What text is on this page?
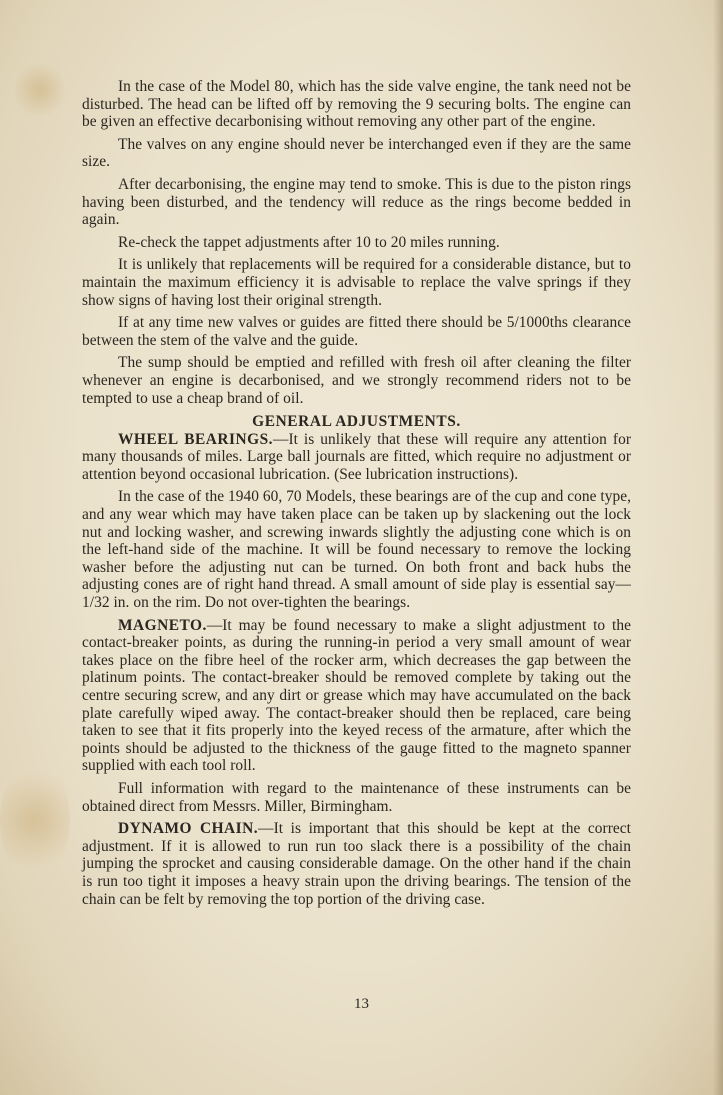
In the case of the Model 80, which has the side valve engine, the tank need not be disturbed. The head can be lifted off by removing the 9 securing bolts. The engine can be given an effective decarbonising without removing any other part of the engine.

The valves on any engine should never be interchanged even if they are the same size.

After decarbonising, the engine may tend to smoke. This is due to the piston rings having been disturbed, and the tendency will reduce as the rings become bedded in again.

Re-check the tappet adjustments after 10 to 20 miles running.

It is unlikely that replacements will be required for a considerable distance, but to maintain the maximum efficiency it is advisable to replace the valve springs if they show signs of having lost their original strength.

If at any time new valves or guides are fitted there should be 5/1000ths clearance between the stem of the valve and the guide.

The sump should be emptied and refilled with fresh oil after cleaning the filter whenever an engine is decarbonised, and we strongly recommend riders not to be tempted to use a cheap brand of oil.

GENERAL ADJUSTMENTS.

WHEEL BEARINGS.—It is unlikely that these will require any attention for many thousands of miles. Large ball journals are fitted, which require no adjustment or attention beyond occasional lubrication. (See lubrication instructions).

In the case of the 1940 60, 70 Models, these bearings are of the cup and cone type, and any wear which may have taken place can be taken up by slackening out the lock nut and locking washer, and screwing inwards slightly the adjusting cone which is on the left-hand side of the machine. It will be found necessary to remove the locking washer before the adjusting nut can be turned. On both front and back hubs the adjusting cones are of right hand thread. A small amount of side play is essential say—1/32 in. on the rim. Do not over-tighten the bearings.

MAGNETO.—It may be found necessary to make a slight adjustment to the contact-breaker points, as during the running-in period a very small amount of wear takes place on the fibre heel of the rocker arm, which decreases the gap between the platinum points. The contact-breaker should be removed complete by taking out the centre securing screw, and any dirt or grease which may have accumulated on the back plate carefully wiped away. The contact-breaker should then be replaced, care being taken to see that it fits properly into the keyed recess of the armature, after which the points should be adjusted to the thickness of the gauge fitted to the magneto spanner supplied with each tool roll.

Full information with regard to the maintenance of these instruments can be obtained direct from Messrs. Miller, Birmingham.

DYNAMO CHAIN.—It is important that this should be kept at the correct adjustment. If it is allowed to run run too slack there is a possibility of the chain jumping the sprocket and causing considerable damage. On the other hand if the chain is run too tight it imposes a heavy strain upon the driving bearings. The tension of the chain can be felt by removing the top portion of the driving case.

13
